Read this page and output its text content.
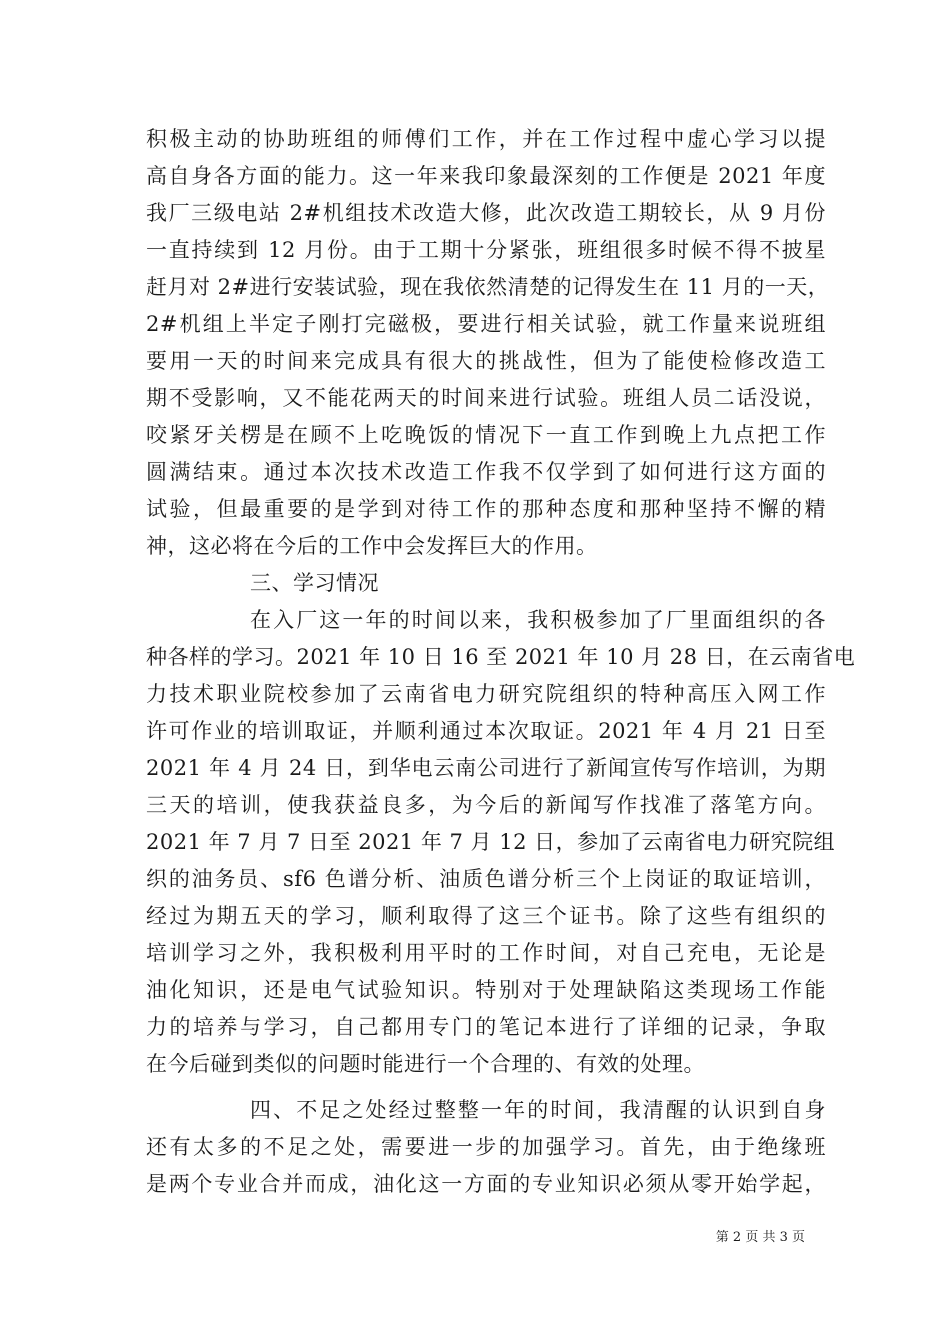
积极主动的协助班组的师傅们工作，并在工作过程中虚心学习以提
高自身各方面的能力。这一年来我印象最深刻的工作便是 2021 年度
我厂三级电站 2#机组技术改造大修，此次改造工期较长，从 9 月份
一直持续到 12 月份。由于工期十分紧张，班组很多时候不得不披星
赶月对 2#进行安装试验，现在我依然清楚的记得发生在 11 月的一天，
2#机组上半定子刚打完磁极，要进行相关试验，就工作量来说班组
要用一天的时间来完成具有很大的挑战性，但为了能使检修改造工
期不受影响，又不能花两天的时间来进行试验。班组人员二话没说，
咬紧牙关楞是在顾不上吃晚饭的情况下一直工作到晚上九点把工作
圆满结束。通过本次技术改造工作我不仅学到了如何进行这方面的
试验，但最重要的是学到对待工作的那种态度和那种坚持不懈的精
神，这必将在今后的工作中会发挥巨大的作用。
三、学习情况
在入厂这一年的时间以来，我积极参加了厂里面组织的各
种各样的学习。2021 年 10 日 16 至 2021 年 10 月 28 日，在云南省电
力技术职业院校参加了云南省电力研究院组织的特种高压入网工作
许可作业的培训取证，并顺利通过本次取证。2021 年 4 月 21 日至
2021 年 4 月 24 日，到华电云南公司进行了新闻宣传写作培训，为期
三天的培训，使我获益良多，为今后的新闻写作找准了落笔方向。
2021 年 7 月 7 日至 2021 年 7 月 12 日，参加了云南省电力研究院组
织的油务员、sf6 色谱分析、油质色谱分析三个上岗证的取证培训，
经过为期五天的学习，顺利取得了这三个证书。除了这些有组织的
培训学习之外，我积极利用平时的工作时间，对自己充电，无论是
油化知识，还是电气试验知识。特别对于处理缺陷这类现场工作能
力的培养与学习，自己都用专门的笔记本进行了详细的记录，争取
在今后碰到类似的问题时能进行一个合理的、有效的处理。
四、不足之处经过整整一年的时间，我清醒的认识到自身
还有太多的不足之处，需要进一步的加强学习。首先，由于绝缘班
是两个专业合并而成，油化这一方面的专业知识必须从零开始学起，
第 2 页 共 3 页
